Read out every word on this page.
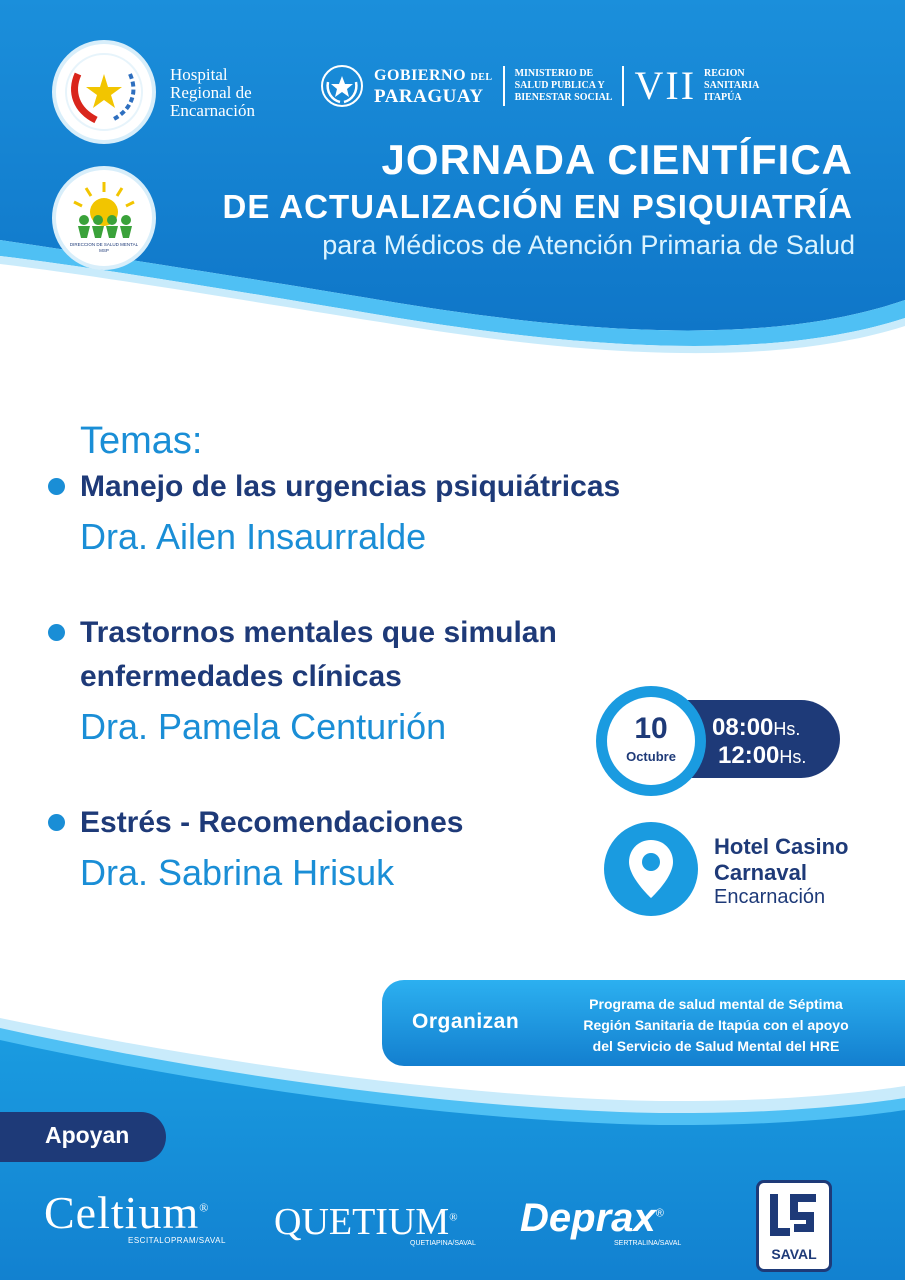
Hospital
Regional de
Encarnación
DIRECCION DE SALUD MENTAL
MSP
GOBIERNO DEL
PARAGUAY
MINISTERIO DE
SALUD PUBLICA Y
BIENESTAR SOCIAL VII REGION
SANITARIA
ITAPÚA
JORNADA CIENTÍFICA
DE ACTUALIZACIÓN EN PSIQUIATRÍA
para Médicos de Atención Primaria de Salud
Temas:
Manejo de las urgencias psiquiátricas
Dra. Ailen Insaurralde
Trastornos mentales que simulan
enfermedades clínicas
Dra. Pamela Centurión
Estrés - Recomendaciones
Dra. Sabrina Hrisuk
08:00Hs.
12:00Hs.
10
Octubre
Hotel Casino
Carnaval
Encarnación
Organizan
Programa de salud mental de Séptima
Región Sanitaria de Itapúa con el apoyo
del Servicio de Salud Mental del HRE
Apoyan
Celtium®
ESCITALOPRAM/SAVAL QUETIUM®
QUETIAPINA/SAVAL
Deprax®
SERTRALINA/SAVAL
SAVAL
